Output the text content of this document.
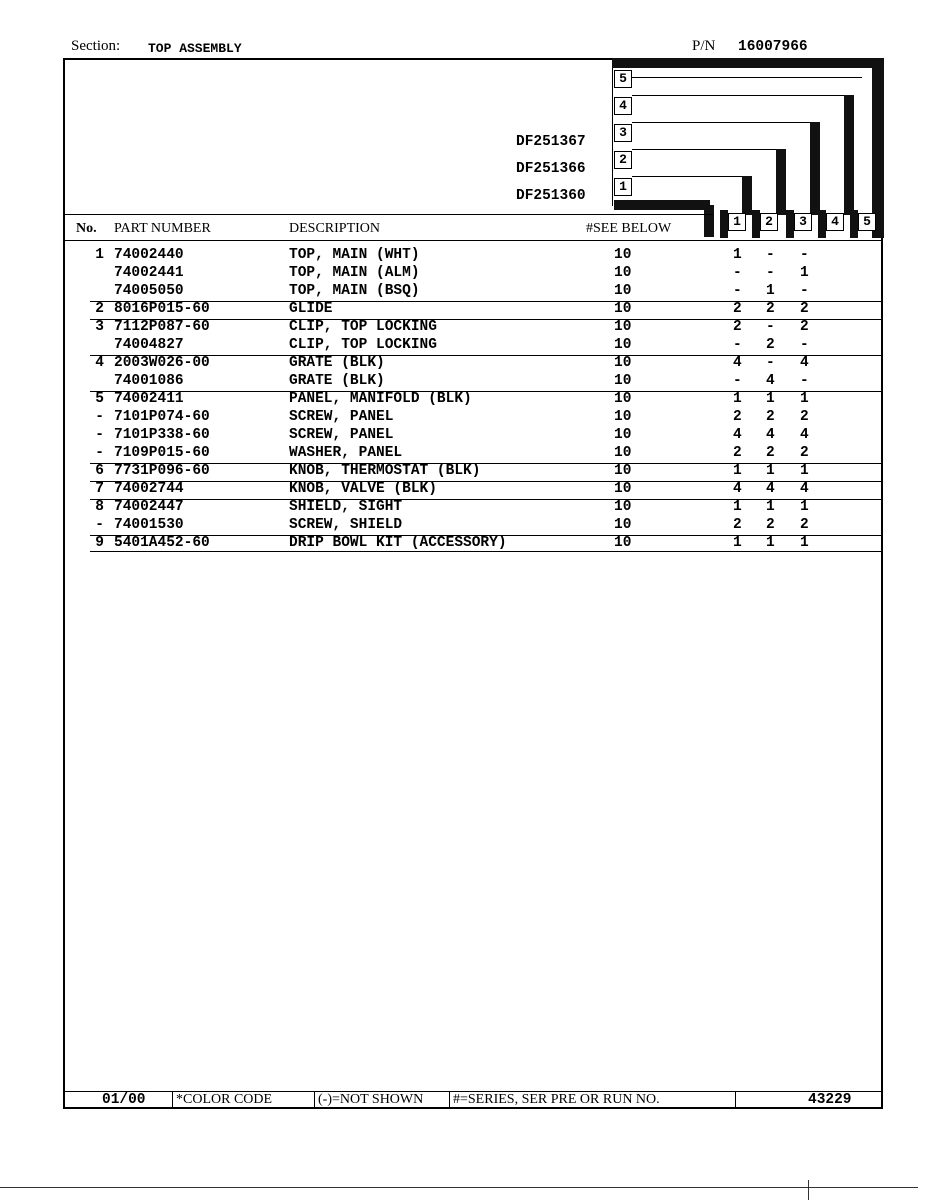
Section: TOP ASSEMBLY	P/N 16007966
5
4
3
DF251367
2
DF251366
1
DF251360
No. PART NUMBER	DESCRIPTION	#SEE BELOW	1	2	3	4	5
1 74002440	TOP, MAIN (WHT)	10	1 - -
74002441	TOP, MAIN (ALM)	10	- - 1
74005050	TOP, MAIN (BSQ)	10	- 1 -
2 8016P015-60	GLIDE	10	2 2 2
3 7112P087-60	CLIP, TOP LOCKING	10	2 - 2
74004827	CLIP, TOP LOCKING	10	- 2 -
4 2003W026-00	GRATE (BLK)	10	4 - 4
74001086	GRATE (BLK)	10	- 4 -
5 74002411	PANEL, MANIFOLD (BLK)	10	1 1 1
- 7101P074-60	SCREW, PANEL	10	2 2 2
- 7101P338-60	SCREW, PANEL	10	4 4 4
- 7109P015-60	WASHER, PANEL	10	2 2 2
6 7731P096-60	KNOB, THERMOSTAT (BLK)	10	1 1 1
7 74002744	KNOB, VALVE (BLK)	10	4 4 4
8 74002447	SHIELD, SIGHT	10	1 1 1
- 74001530	SCREW, SHIELD	10	2 2 2
9 5401A452-60	DRIP BOWL KIT (ACCESSORY)	10	1 1 1
01/00 *COLOR CODE	(-)=NOT SHOWN #=SERIES, SER PRE OR RUN NO.	43229
